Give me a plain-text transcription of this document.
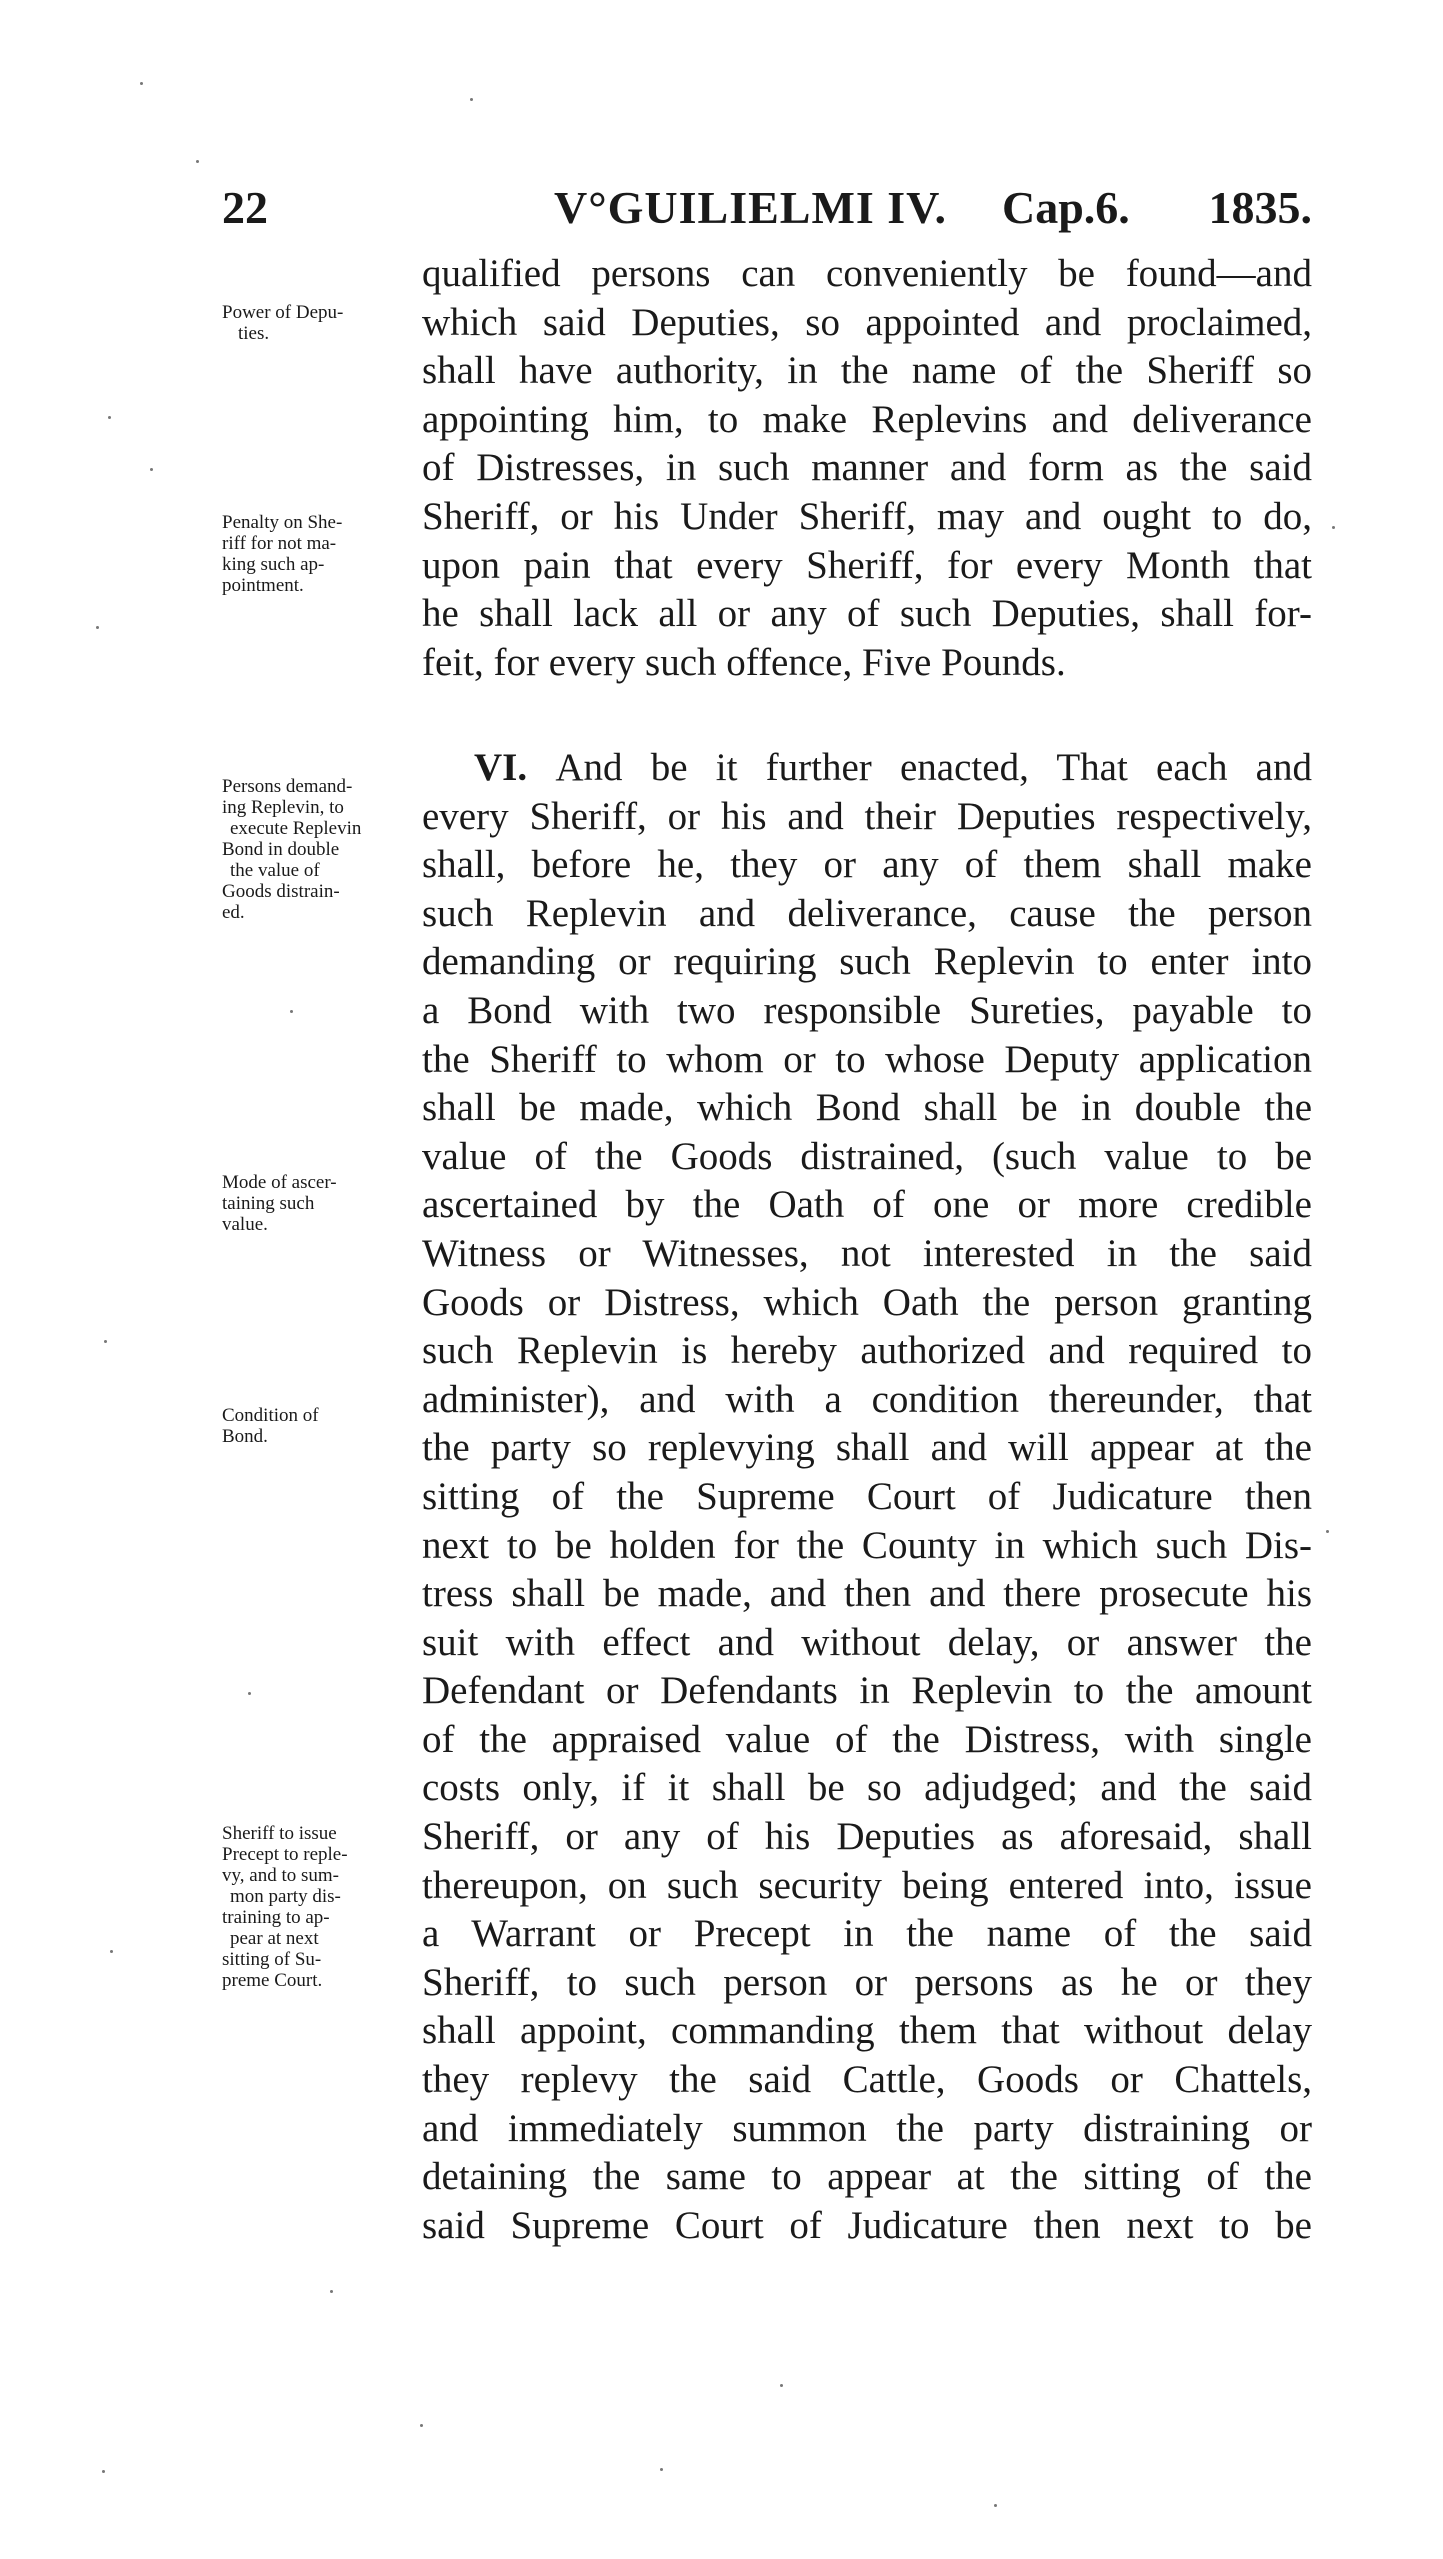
22	V°GUILIELMI IV. Cap.6. 1835.
qualified persons can conveniently be found—and
which said Deputies, so appointed and proclaimed,
shall have authority, in the name of the Sheriff so
appointing him, to make Replevins and deliverance
of Distresses, in such manner and form as the said
Sheriff, or his Under Sheriff, may and ought to do,
upon pain that every Sheriff, for every Month that
he shall lack all or any of such Deputies, shall for-
feit, for every such offence, Five Pounds.
VI. And be it further enacted, That each and
every Sheriff, or his and their Deputies respectively,
shall, before he, they or any of them shall make
such Replevin and deliverance, cause the person
demanding or requiring such Replevin to enter into
a Bond with two responsible Sureties, payable to
the Sheriff to whom or to whose Deputy application
shall be made, which Bond shall be in double the
value of the Goods distrained, (such value to be
ascertained by the Oath of one or more credible
Witness or Witnesses, not interested in the said
Goods or Distress, which Oath the person granting
such Replevin is hereby authorized and required to
administer), and with a condition thereunder, that
the party so replevying shall and will appear at the
sitting of the Supreme Court of Judicature then
next to be holden for the County in which such Dis-
tress shall be made, and then and there prosecute his
suit with effect and without delay, or answer the
Defendant or Defendants in Replevin to the amount
of the appraised value of the Distress, with single
costs only, if it shall be so adjudged; and the said
Sheriff, or any of his Deputies as aforesaid, shall
thereupon, on such security being entered into, issue
a Warrant or Precept in the name of the said
Sheriff, to such person or persons as he or they
shall appoint, commanding them that without delay
they replevy the said Cattle, Goods or Chattels,
and immediately summon the party distraining or
detaining the same to appear at the sitting of the
said Supreme Court of Judicature then next to be
Power of Depu-
ties.
Penalty on She-
riff for not ma-
king such ap-
pointment.
Persons demand-
ing Replevin, to
execute Replevin
Bond in double
the value of
Goods distrain-
ed.
Mode of ascer-
taining such
value.
Condition of
Bond.
Sheriff to issue
Precept to reple-
vy, and to sum-
mon party dis-
training to ap-
pear at next
sitting of Su-
preme Court.
